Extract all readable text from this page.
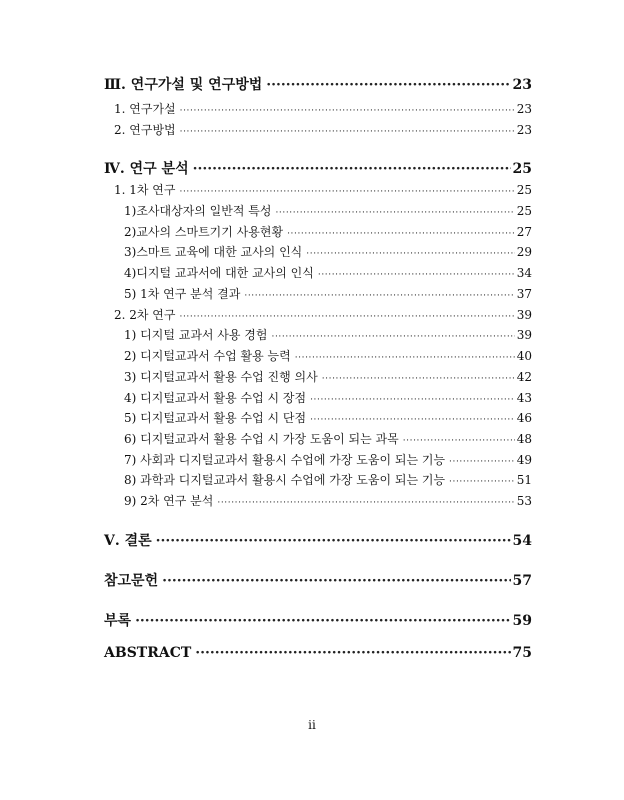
Ⅲ. 연구가설 및 연구방법 ·····	23
1. 연구가설 ·····	23
2. 연구방법 ·····	23
Ⅳ. 연구 분석 ·····	25
1. 1차 연구 ·····	25
1)조사대상자의 일반적 특성 ·····	25
2)교사의 스마트기기 사용현황 ·····	27
3)스마트 교육에 대한 교사의 인식 ·····	29
4)디지털 교과서에 대한 교사의 인식 ·····	34
5) 1차 연구 분석 결과 ·····	37
2. 2차 연구 ·····	39
1) 디지털 교과서 사용 경험 ·····	39
2) 디지털교과서 수업 활용 능력 ·····	40
3) 디지털교과서 활용 수업 진행 의사 ·····	42
4) 디지털교과서 활용 수업 시 장점 ·····	43
5) 디지털교과서 활용 수업 시 단점 ·····	46
6) 디지털교과서 활용 수업 시 가장 도움이 되는 과목 ·····	48
7) 사회과 디지털교과서 활용시 수업에 가장 도움이 되는 기능 ·····	49
8) 과학과 디지털교과서 활용시 수업에 가장 도움이 되는 기능 ·····	51
9) 2차 연구 분석 ·····	53
Ⅴ. 결론 ·····	54
참고문헌 ·····	57
부록 ·····	59
ABSTRACT ·····	75
ii
